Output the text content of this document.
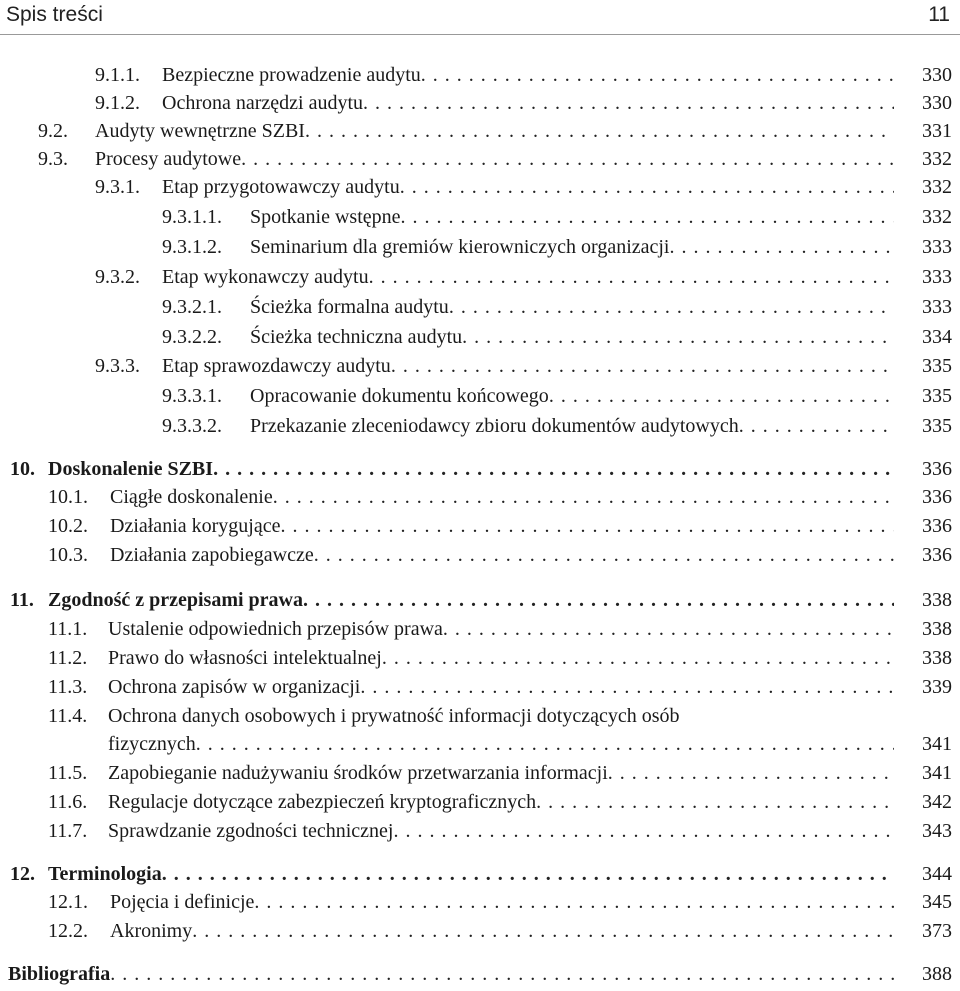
Spis treści	11
9.1.1. Bezpieczne prowadzenie audytu . . .	330
9.1.2. Ochrona narzędzi audytu . . .	330
9.2. Audyty wewnętrzne SZBI . . .	331
9.3. Procesy audytowe . . .	332
9.3.1. Etap przygotowawczy audytu . . .	332
9.3.1.1. Spotkanie wstępne . . .	332
9.3.1.2. Seminarium dla gremiów kierowniczych organizacji . . .	333
9.3.2. Etap wykonawczy audytu . . .	333
9.3.2.1. Ścieżka formalna audytu . . .	333
9.3.2.2. Ścieżka techniczna audytu . . .	334
9.3.3. Etap sprawozdawczy audytu . . .	335
9.3.3.1. Opracowanie dokumentu końcowego . . .	335
9.3.3.2. Przekazanie zleceniodawcy zbioru dokumentów audytowych . . .	335
10. Doskonalenie SZBI . . .	336
10.1. Ciągłe doskonalenie . . .	336
10.2. Działania korygujące . . .	336
10.3. Działania zapobiegawcze . . .	336
11. Zgodność z przepisami prawa . . .	338
11.1. Ustalenie odpowiednich przepisów prawa . . .	338
11.2. Prawo do własności intelektualnej . . .	338
11.3. Ochrona zapisów w organizacji . . .	339
11.4. Ochrona danych osobowych i prywatność informacji dotyczących osób
fizycznych . . .	341
11.5. Zapobieganie nadużywaniu środków przetwarzania informacji . . .	341
11.6. Regulacje dotyczące zabezpieczeń kryptograficznych . . .	342
11.7. Sprawdzanie zgodności technicznej . . .	343
12. Terminologia . . .	344
12.1. Pojęcia i definicje . . .	345
12.2. Akronimy . . .	373
Bibliografia . . .	388
